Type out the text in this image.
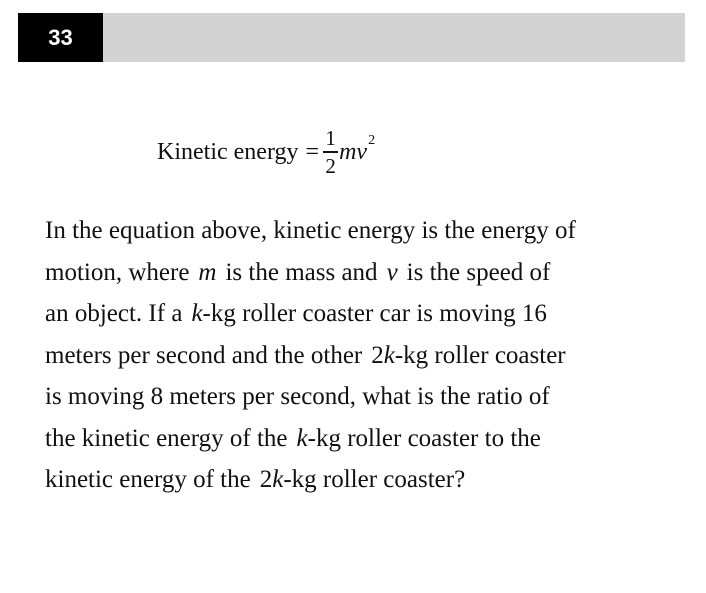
33
Kinetic energy = $\frac{1}{2}$ m v 2
In the equation above, kinetic energy is the energy of
motion, where m is the mass and v is the speed of
an object. If a k-kg roller coaster car is moving 16
meters per second and the other 2k-kg roller coaster
is moving 8 meters per second, what is the ratio of
the kinetic energy of the k-kg roller coaster to the
kinetic energy of the 2k-kg roller coaster?
